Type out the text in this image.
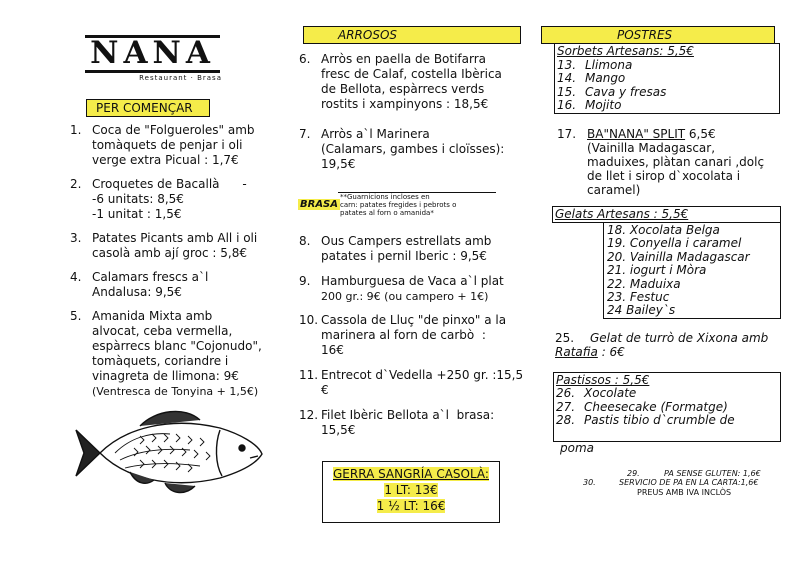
NANA
Restaurant · Brasa
PER COMENÇAR
1. Coca de "Folgueroles" amb
tomàquets de penjar i oli
verge extra Picual : 1,7€
2. Croquetes de Bacallà      -
-6 unitats: 8,5€
-1 unitat : 1,5€
3. Patates Picants amb All i oli
casolà amb ají groc : 5,8€
4. Calamars frescs a`l
Andalusa: 9,5€
5. Amanida Mixta amb
alvocat, ceba vermella,
espàrrecs blanc "Cojonudo",
tomàquets, coriandre i
vinagreta de llimona: 9€
(Ventresca de Tonyina + 1,5€)
ARROSOS
6. Arròs en paella de Botifarra
fresc de Calaf, costella Ibèrica
de Bellota, espàrrecs verds
rostits i xampinyons : 18,5€
7. Arròs a`l Marinera
(Calamars, gambes i cloïsses):
19,5€
BRASA
**Guarnicions incloses en
carn: patates fregides i pebrots o
patates al forn o amanida*
8. Ous Campers estrellats amb
patates i pernil Iberic : 9,5€
9. Hamburguesa de Vaca a`l plat
200 gr.: 9€ (ou campero + 1€)
10. Cassola de Lluç "de pinxo" a la
marinera al forn de carbò  :
16€
11. Entrecot d`Vedella +250 gr. :15,5
€
12. Filet Ibèric Bellota a`l  brasa:
15,5€
GERRA SANGRÍA CASOLÀ:
1 LT: 13€
1 ½ LT: 16€
POSTRES
Sorbets Artesans: 5,5€
13. Llimona
14. Mango
15. Cava y fresas
16. Mojito
17. BA"NANA" SPLIT 6,5€
(Vainilla Madagascar,
maduixes, plàtan canari ,dolç
de llet i sirop d`xocolata i
caramel)
Gelats Artesans : 5,5€
18. Xocolata Belga
19. Conyella i caramel
20. Vainilla Madagascar
21. iogurt i Mòra
22. Maduixa
23. Festuc
24 Bailey`s
25. Gelat de turrò de Xixona amb
Ratafia : 6€
Pastissos : 5,5€
26. Xocolate
27. Cheesecake (Formatge)
28. Pastis tibio d`crumble de
poma
29.	PA SENSE GLUTEN: 1,6€
30.	SERVICIO DE PA EN LA CARTA:1,6€
PREUS AMB IVA INCLÒS
